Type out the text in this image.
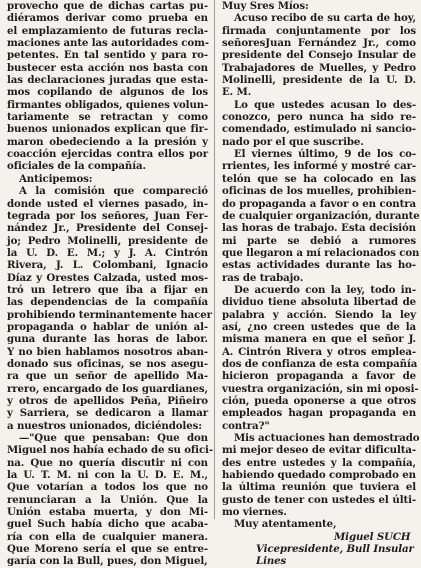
provecho que de dichas cartas pu-
diéramos derivar como prueba en
el emplazamiento de futuras recla-
maciones ante las autoridades com-
petentes. En tal sentido y para ro-
bustecer esta acción nos basta con
las declaraciones juradas que esta-
mos copilando de algunos de los
firmantes obligados, quienes volun-
tariamente se retractan y como
buenos unionados explican que fir-
maron obedeciendo a la presión y
coacción ejercidas contra ellos por
oficiales de la compañía.
Anticipemos:
A la comisión que compareció
donde usted el viernes pasado, in-
tegrada por los señores, Juan Fer-
nández Jr., Presidente del Consej-
jo; Pedro Molinelli, presidente de
la U. D. E. M.; y J. A. Cintrón
Rivera, J. L. Colombani, Ignacio
Díaz y Orestes Calzada, usted mos-
tró un letrero que iba a fijar en
las dependencias de la compañía
prohibiendo terminantemente hacer
propaganda o hablar de unión al-
guna durante las horas de labor.
Y no bien hablamos nosotros aban-
donado sus oficinas, se nos asegu-
ra que un señor de apellido Ma-
rrero, encargado de los guardianes,
y otros de apellidos Peña, Piñeiro
y Sarriera, se dedicaron a llamar
a nuestros unionados, diciéndoles:
—"Que que pensaban: Que don
Miguel nos había echado de su ofici-
na. Que no quería discutir ni con
la U. T. M. ni con la U. D. E. M.,
Que votarían a todos los que no
renunciaran a la Unión. Que la
Unión estaba muerta, y don Mi-
guel Such había dicho que acaba-
ría con ella de cualquier manera.
Que Moreno sería el que se entre-
garía con la Bull, pues, don Miguel,
Muy Sres Míos:
Acuso recibo de su carta de hoy,
firmada conjuntamente por los
señoresJuan Fernández Jr., como
presidente del Consejo Insular de
Trabajadores de Muelles, y Pedro
Molinelli, presidente de la U. D.
E. M.
Lo que ustedes acusan lo des-
conozco, pero nunca ha sido re-
comendado, estimulado ni sancio-
nado por el que suscribe.
El viernes último, 9 de los co-
rrientes, les informé y mostré car-
telón que se ha colocado en las
oficinas de los muelles, prohibien-
do propaganda a favor o en contra
de cualquier organización, durante
las horas de trabajo. Esta decisión
mi parte se debió a rumores
que llegaron a mí relacionados con
estas actividades durante las ho-
ras de trabajo.
De acuerdo con la ley, todo in-
dividuo tiene absoluta libertad de
palabra y acción. Siendo la ley
así, ¿no creen ustedes que de la
misma manera en que el señor J.
A. Cintrón Rivera y otros emplea-
dos de confianza de esta compañía
hicieron propaganda a favor de
vuestra organización, sin mi oposi-
ción, pueda oponerse a que otros
empleados hagan propaganda en
contra?"
Mis actuaciones han demostrado
mi mejor deseo de evitar dificulta-
des entre ustedes y la compañía,
habiendo quedado comprobado en
la última reunión que tuviera el
gusto de tener con ustedes el últi-
mo viernes.
Muy atentamente,
Miguel SUCH
Vicepresidente, Bull Insular
Lines
